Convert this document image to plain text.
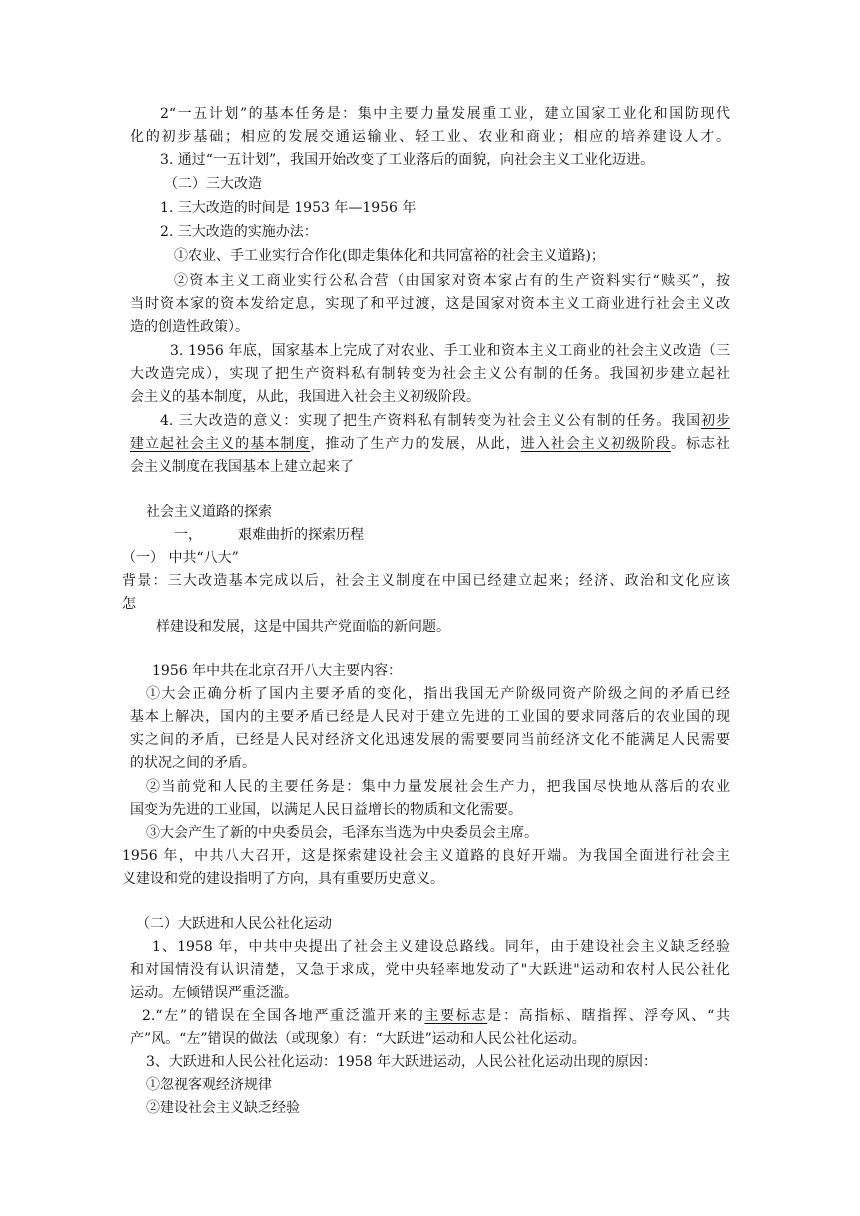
2“一五计划”的基本任务是：集中主要力量发展重工业，建立国家工业化和国防现代
化的初步基础；相应的发展交通运输业、轻工业、农业和商业；相应的培养建设人才。
3. 通过“一五计划”，我国开始改变了工业落后的面貌，向社会主义工业化迈进。
（二）三大改造
1. 三大改造的时间是 1953 年—1956 年
2. 三大改造的实施办法：
①农业、手工业实行合作化(即走集体化和共同富裕的社会主义道路)；
②资本主义工商业实行公私合营（由国家对资本家占有的生产资料实行“赎买”，按
当时资本家的资本发给定息，实现了和平过渡，这是国家对资本主义工商业进行社会主义改
造的创造性政策）。
3. 1956 年底，国家基本上完成了对农业、手工业和资本主义工商业的社会主义改造（三
大改造完成），实现了把生产资料私有制转变为社会主义公有制的任务。我国初步建立起社
会主义的基本制度，从此，我国进入社会主义初级阶段。
4. 三大改造的意义：实现了把生产资料私有制转变为社会主义公有制的任务。我国初步
建立起社会主义的基本制度，推动了生产力的发展，从此，进入社会主义初级阶段。标志社
会主义制度在我国基本上建立起来了
社会主义道路的探索
一，	艰难曲折的探索历程
（一） 中共“八大”
背景：三大改造基本完成以后，社会主义制度在中国已经建立起来；经济、政治和文化应该
怎
样建设和发展，这是中国共产党面临的新问题。
1956 年中共在北京召开八大主要内容：
①大会正确分析了国内主要矛盾的变化，指出我国无产阶级同资产阶级之间的矛盾已经
基本上解决，国内的主要矛盾已经是人民对于建立先进的工业国的要求同落后的农业国的现
实之间的矛盾，已经是人民对经济文化迅速发展的需要要同当前经济文化不能满足人民需要
的状况之间的矛盾。
②当前党和人民的主要任务是：集中力量发展社会生产力，把我国尽快地从落后的农业
国变为先进的工业国，以满足人民日益增长的物质和文化需要。
③大会产生了新的中央委员会，毛泽东当选为中央委员会主席。
1956 年，中共八大召开，这是探索建设社会主义道路的良好开端。为我国全面进行社会主
义建设和党的建设指明了方向，具有重要历史意义。
（二）大跃进和人民公社化运动
1、1958 年，中共中央提出了社会主义建设总路线。同年，由于建设社会主义缺乏经验
和对国情没有认识清楚，又急于求成，党中央轻率地发动了"大跃进"运动和农村人民公社化
运动。左倾错误严重泛滥。
2.“左”的错误在全国各地严重泛滥开来的主要标志是：高指标、瞎指挥、浮夸风、“共
产”风。“左”错误的做法（或现象）有：“大跃进”运动和人民公社化运动。
3、大跃进和人民公社化运动：1958 年大跃进运动，人民公社化运动出现的原因：
①忽视客观经济规律
②建设社会主义缺乏经验
